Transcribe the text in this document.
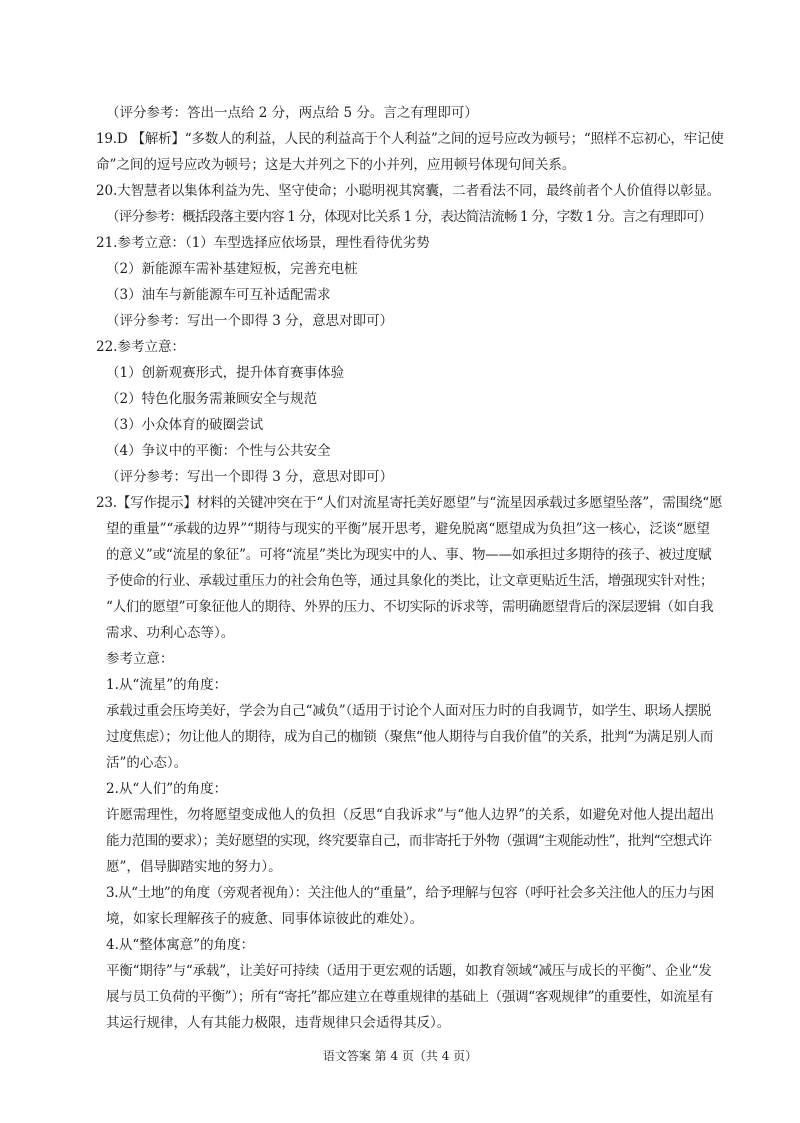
（评分参考：答出一点给 2 分，两点给 5 分。言之有理即可）

19.D 【解析】“多数人的利益，人民的利益高于个人利益”之间的逗号应改为顿号；“照样不忘初心，牢记使

命”之间的逗号应改为顿号；这是大并列之下的小并列，应用顿号体现句间关系。

20.大智慧者以集体利益为先、坚守使命；小聪明视其窝囊，二者看法不同，最终前者个人价值得以彰显。

（评分参考：概括段落主要内容 1 分，体现对比关系 1 分，表达简洁流畅 1 分，字数 1 分。言之有理即可）

21.参考立意：（1）车型选择应依场景，理性看待优劣势

（2）新能源车需补基建短板，完善充电桩

（3）油车与新能源车可互补适配需求

（评分参考：写出一个即得 3 分，意思对即可）

22.参考立意：

（1）创新观赛形式，提升体育赛事体验

（2）特色化服务需兼顾安全与规范

（3）小众体育的破圈尝试

（4）争议中的平衡：个性与公共安全

（评分参考：写出一个即得 3 分，意思对即可）

23.【写作提示】材料的关键冲突在于“人们对流星寄托美好愿望”与“流星因承载过多愿望坠落”，需围绕“愿

望的重量”“承载的边界”“期待与现实的平衡”展开思考，避免脱离“愿望成为负担”这一核心，泛谈“愿望

的意义”或“流星的象征”。可将“流星”类比为现实中的人、事、物——如承担过多期待的孩子、被过度赋

予使命的行业、承载过重压力的社会角色等，通过具象化的类比，让文章更贴近生活，增强现实针对性；

“人们的愿望”可象征他人的期待、外界的压力、不切实际的诉求等，需明确愿望背后的深层逻辑（如自我

需求、功利心态等）。

参考立意：

1.从“流星”的角度：

承载过重会压垮美好，学会为自己“减负”（适用于讨论个人面对压力时的自我调节，如学生、职场人摆脱

过度焦虑）；勿让他人的期待，成为自己的枷锁（聚焦“他人期待与自我价值”的关系，批判“为满足别人而

活”的心态）。

2.从“人们”的角度：

许愿需理性，勿将愿望变成他人的负担（反思“自我诉求”与“他人边界”的关系，如避免对他人提出超出

能力范围的要求）；美好愿望的实现，终究要靠自己，而非寄托于外物（强调“主观能动性”，批判“空想式许

愿”，倡导脚踏实地的努力）。

3.从“土地”的角度（旁观者视角）：关注他人的“重量”，给予理解与包容（呼吁社会多关注他人的压力与困

境，如家长理解孩子的疲惫、同事体谅彼此的难处）。

4.从“整体寓意”的角度：

平衡“期待”与“承载”，让美好可持续（适用于更宏观的话题，如教育领域“减压与成长的平衡”、企业“发

展与员工负荷的平衡”）；所有“寄托”都应建立在尊重规律的基础上（强调“客观规律”的重要性，如流星有

其运行规律，人有其能力极限，违背规律只会适得其反）。

语文答案 第 4 页（共 4 页）
